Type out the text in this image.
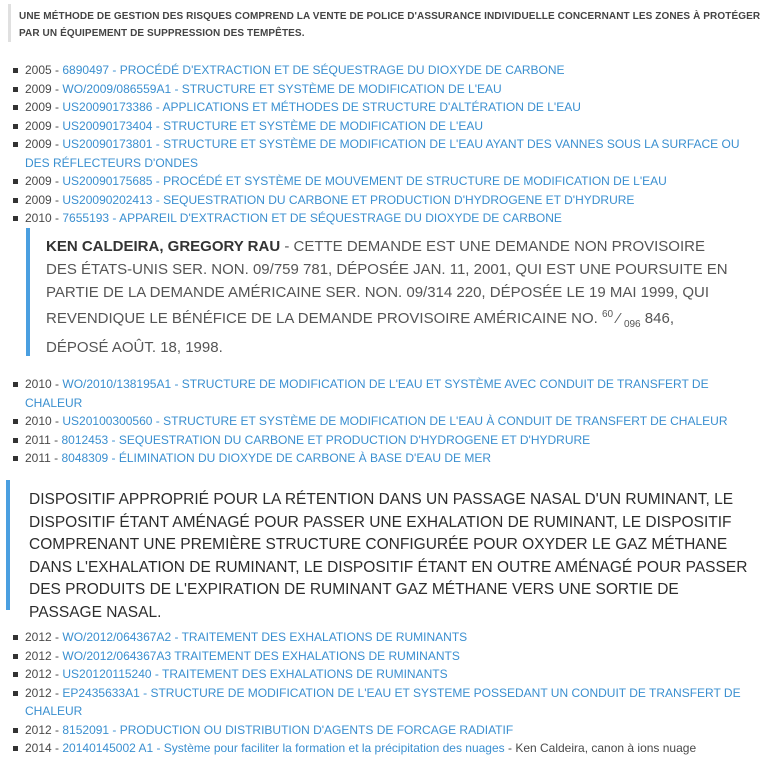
UNE MÉTHODE DE GESTION DES RISQUES COMPREND LA VENTE DE POLICE D'ASSURANCE INDIVIDUELLE CONCERNANT LES ZONES À PROTÉGER PAR UN ÉQUIPEMENT DE SUPPRESSION DES TEMPÊTES.
2005 - 6890497 - PROCÉDÉ D'EXTRACTION ET DE SÉQUESTRAGE DU DIOXYDE DE CARBONE
2009 - WO/2009/086559A1 - STRUCTURE ET SYSTÈME DE MODIFICATION DE L'EAU
2009 - US20090173386 - APPLICATIONS ET MÉTHODES DE STRUCTURE D'ALTÉRATION DE L'EAU
2009 - US20090173404 - STRUCTURE ET SYSTÈME DE MODIFICATION DE L'EAU
2009 - US20090173801 - STRUCTURE ET SYSTÈME DE MODIFICATION DE L'EAU AYANT DES VANNES SOUS LA SURFACE OU DES RÉFLECTEURS D'ONDES
2009 - US20090175685 - PROCÉDÉ ET SYSTÈME DE MOUVEMENT DE STRUCTURE DE MODIFICATION DE L'EAU
2009 - US20090202413 - SEQUESTRATION DU CARBONE ET PRODUCTION D'HYDROGENE ET D'HYDRURE
2010 - 7655193 - APPAREIL D'EXTRACTION ET DE SÉQUESTRAGE DU DIOXYDE DE CARBONE
KEN CALDEIRA, GREGORY RAU - CETTE DEMANDE EST UNE DEMANDE NON PROVISOIRE DES ÉTATS-UNIS SER. NON. 09/759 781, DÉPOSÉE JAN. 11, 2001, QUI EST UNE POURSUITE EN PARTIE DE LA DEMANDE AMÉRICAINE SER. NON. 09/314 220, DÉPOSÉE LE 19 MAI 1999, QUI REVENDIQUE LE BÉNÉFICE DE LA DEMANDE PROVISOIRE AMÉRICAINE NO. $^{60}$ ⁄ $_{096}$ 846, DÉPOSÉ AOÛT. 18, 1998.
2010 - WO/2010/138195A1 - STRUCTURE DE MODIFICATION DE L'EAU ET SYSTÈME AVEC CONDUIT DE TRANSFERT DE CHALEUR
2010 - US20100300560 - STRUCTURE ET SYSTÈME DE MODIFICATION DE L'EAU À CONDUIT DE TRANSFERT DE CHALEUR
2011 - 8012453 - SEQUESTRATION DU CARBONE ET PRODUCTION D'HYDROGENE ET D'HYDRURE
2011 - 8048309 - ÉLIMINATION DU DIOXYDE DE CARBONE À BASE D'EAU DE MER
DISPOSITIF APPROPRIÉ POUR LA RÉTENTION DANS UN PASSAGE NASAL D'UN RUMINANT, LE DISPOSITIF ÉTANT AMÉNAGÉ POUR PASSER UNE EXHALATION DE RUMINANT, LE DISPOSITIF COMPRENANT UNE PREMIÈRE STRUCTURE CONFIGURÉE POUR OXYDER LE GAZ MÉTHANE DANS L'EXHALATION DE RUMINANT, LE DISPOSITIF ÉTANT EN OUTRE AMÉNAGÉ POUR PASSER DES PRODUITS DE L'EXPIRATION DE RUMINANT GAZ MÉTHANE VERS UNE SORTIE DE PASSAGE NASAL.
2012 - WO/2012/064367A2 - TRAITEMENT DES EXHALATIONS DE RUMINANTS
2012 - WO/2012/064367A3 TRAITEMENT DES EXHALATIONS DE RUMINANTS
2012 - US20120115240 - TRAITEMENT DES EXHALATIONS DE RUMINANTS
2012 - EP2435633A1 - STRUCTURE DE MODIFICATION DE L'EAU ET SYSTEME POSSEDANT UN CONDUIT DE TRANSFERT DE CHALEUR
2012 - 8152091 - PRODUCTION OU DISTRIBUTION D'AGENTS DE FORCAGE RADIATIF
2014 - 20140145002 A1 - Système pour faciliter la formation et la précipitation des nuages - Ken Caldeira, canon à ions nuage
